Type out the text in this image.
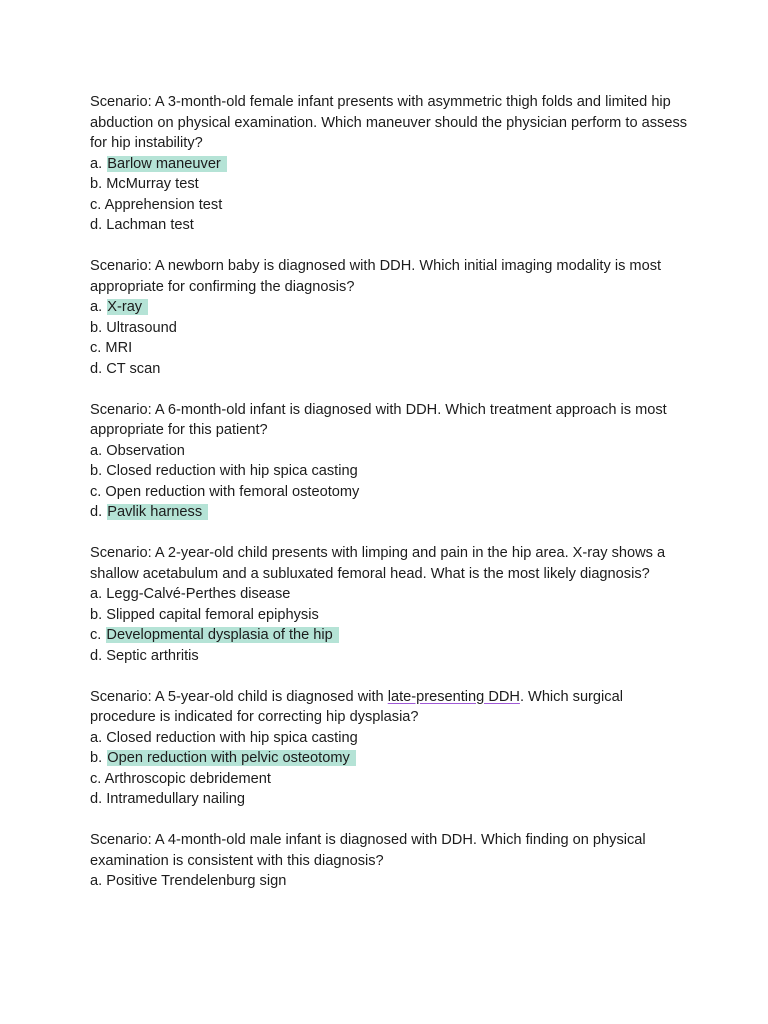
Scenario: A 3-month-old female infant presents with asymmetric thigh folds and limited hip abduction on physical examination. Which maneuver should the physician perform to assess for hip instability?

a. Barlow maneuver

b. McMurray test

c. Apprehension test

d. Lachman test

Scenario: A newborn baby is diagnosed with DDH. Which initial imaging modality is most appropriate for confirming the diagnosis?

a. X-ray

b. Ultrasound

c. MRI

d. CT scan

Scenario: A 6-month-old infant is diagnosed with DDH. Which treatment approach is most appropriate for this patient?

a. Observation

b. Closed reduction with hip spica casting

c. Open reduction with femoral osteotomy

d. Pavlik harness

Scenario: A 2-year-old child presents with limping and pain in the hip area. X-ray shows a shallow acetabulum and a subluxated femoral head. What is the most likely diagnosis?

a. Legg-Calvé-Perthes disease

b. Slipped capital femoral epiphysis

c. Developmental dysplasia of the hip

d. Septic arthritis

Scenario: A 5-year-old child is diagnosed with late-presenting DDH. Which surgical procedure is indicated for correcting hip dysplasia?

a. Closed reduction with hip spica casting

b. Open reduction with pelvic osteotomy

c. Arthroscopic debridement

d. Intramedullary nailing

Scenario: A 4-month-old male infant is diagnosed with DDH. Which finding on physical examination is consistent with this diagnosis?

a. Positive Trendelenburg sign
